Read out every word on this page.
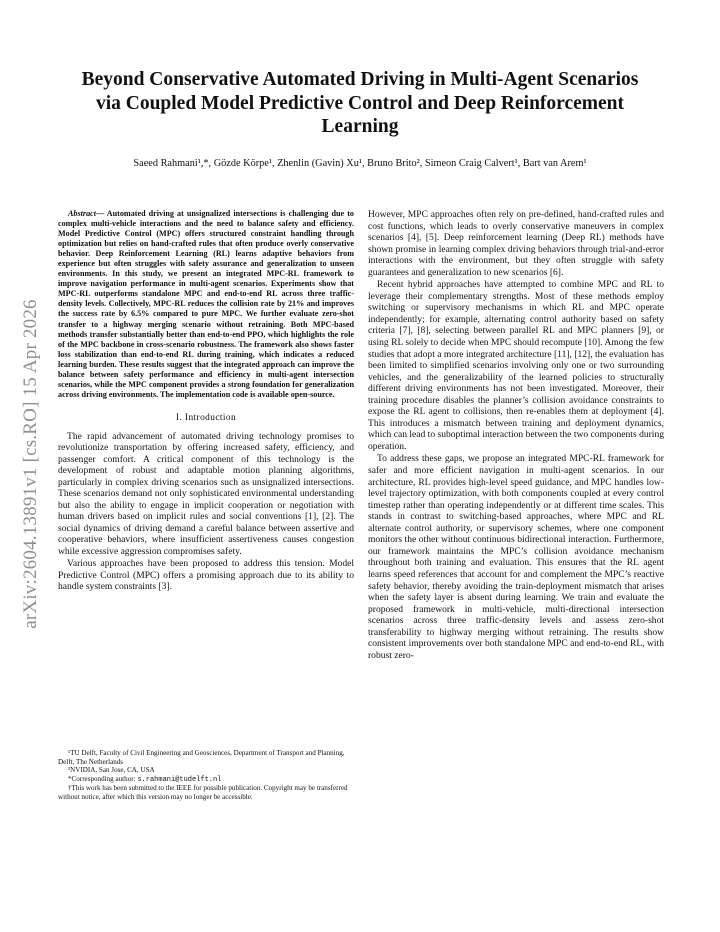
arXiv:2604.13891v1 [cs.RO] 15 Apr 2026
Beyond Conservative Automated Driving in Multi-Agent Scenarios via Coupled Model Predictive Control and Deep Reinforcement Learning
Saeed Rahmani¹,*, Gözde Körpe¹, Zhenlin (Gavin) Xu¹, Bruno Brito², Simeon Craig Calvert¹, Bart van Arem¹

Abstract— Automated driving at unsignalized intersections is challenging due to complex multi-vehicle interactions and the need to balance safety and efficiency. Model Predictive Control (MPC) offers structured constraint handling through optimization but relies on hand-crafted rules that often produce overly conservative behavior. Deep Reinforcement Learning (RL) learns adaptive behaviors from experience but often struggles with safety assurance and generalization to unseen environments. In this study, we present an integrated MPC-RL framework to improve navigation performance in multi-agent scenarios. Experiments show that MPC-RL outperforms standalone MPC and end-to-end RL across three traffic-density levels. Collectively, MPC-RL reduces the collision rate by 21% and improves the success rate by 6.5% compared to pure MPC. We further evaluate zero-shot transfer to a highway merging scenario without retraining. Both MPC-based methods transfer substantially better than end-to-end PPO, which highlights the role of the MPC backbone in cross-scenario robustness. The framework also shows faster loss stabilization than end-to-end RL during training, which indicates a reduced learning burden. These results suggest that the integrated approach can improve the balance between safety performance and efficiency in multi-agent intersection scenarios, while the MPC component provides a strong foundation for generalization across driving environments. The implementation code is available open-source.

I. Introduction

The rapid advancement of automated driving technology promises to revolutionize transportation by offering increased safety, efficiency, and passenger comfort. A critical component of this technology is the development of robust and adaptable motion planning algorithms, particularly in complex driving scenarios such as unsignalized intersections. These scenarios demand not only sophisticated environmental understanding but also the ability to engage in implicit cooperation or negotiation with human drivers based on implicit rules and social conventions [1], [2]. The social dynamics of driving demand a careful balance between assertive and cooperative behaviors, where insufficient assertiveness causes congestion while excessive aggression compromises safety.

Various approaches have been proposed to address this tension. Model Predictive Control (MPC) offers a promising approach due to its ability to handle system constraints [3].

¹TU Delft, Faculty of Civil Engineering and Geosciences, Department of Transport and Planning, Delft, The Netherlands

²NVIDIA, San Jose, CA, USA

*Corresponding author: s.rahmani@tudelft.nl

†This work has been submitted to the IEEE for possible publication. Copyright may be transferred without notice, after which this version may no longer be accessible.

However, MPC approaches often rely on pre-defined, hand-crafted rules and cost functions, which leads to overly conservative maneuvers in complex scenarios [4], [5]. Deep reinforcement learning (Deep RL) methods have shown promise in learning complex driving behaviors through trial-and-error interactions with the environment, but they often struggle with safety guarantees and generalization to new scenarios [6].

Recent hybrid approaches have attempted to combine MPC and RL to leverage their complementary strengths. Most of these methods employ switching or supervisory mechanisms in which RL and MPC operate independently; for example, alternating control authority based on safety criteria [7], [8], selecting between parallel RL and MPC planners [9], or using RL solely to decide when MPC should recompute [10]. Among the few studies that adopt a more integrated architecture [11], [12], the evaluation has been limited to simplified scenarios involving only one or two surrounding vehicles, and the generalizability of the learned policies to structurally different driving environments has not been investigated. Moreover, their training procedure disables the planner’s collision avoidance constraints to expose the RL agent to collisions, then re-enables them at deployment [4]. This introduces a mismatch between training and deployment dynamics, which can lead to suboptimal interaction between the two components during operation.

To address these gaps, we propose an integrated MPC-RL framework for safer and more efficient navigation in multi-agent scenarios. In our architecture, RL provides high-level speed guidance, and MPC handles low-level trajectory optimization, with both components coupled at every control timestep rather than operating independently or at different time scales. This stands in contrast to switching-based approaches, where MPC and RL alternate control authority, or supervisory schemes, where one component monitors the other without continuous bidirectional interaction. Furthermore, our framework maintains the MPC’s collision avoidance mechanism throughout both training and evaluation. This ensures that the RL agent learns speed references that account for and complement the MPC’s reactive safety behavior, thereby avoiding the train-deployment mismatch that arises when the safety layer is absent during learning. We train and evaluate the proposed framework in multi-vehicle, multi-directional intersection scenarios across three traffic-density levels and assess zero-shot transferability to highway merging without retraining. The results show consistent improvements over both standalone MPC and end-to-end RL, with robust zero-
